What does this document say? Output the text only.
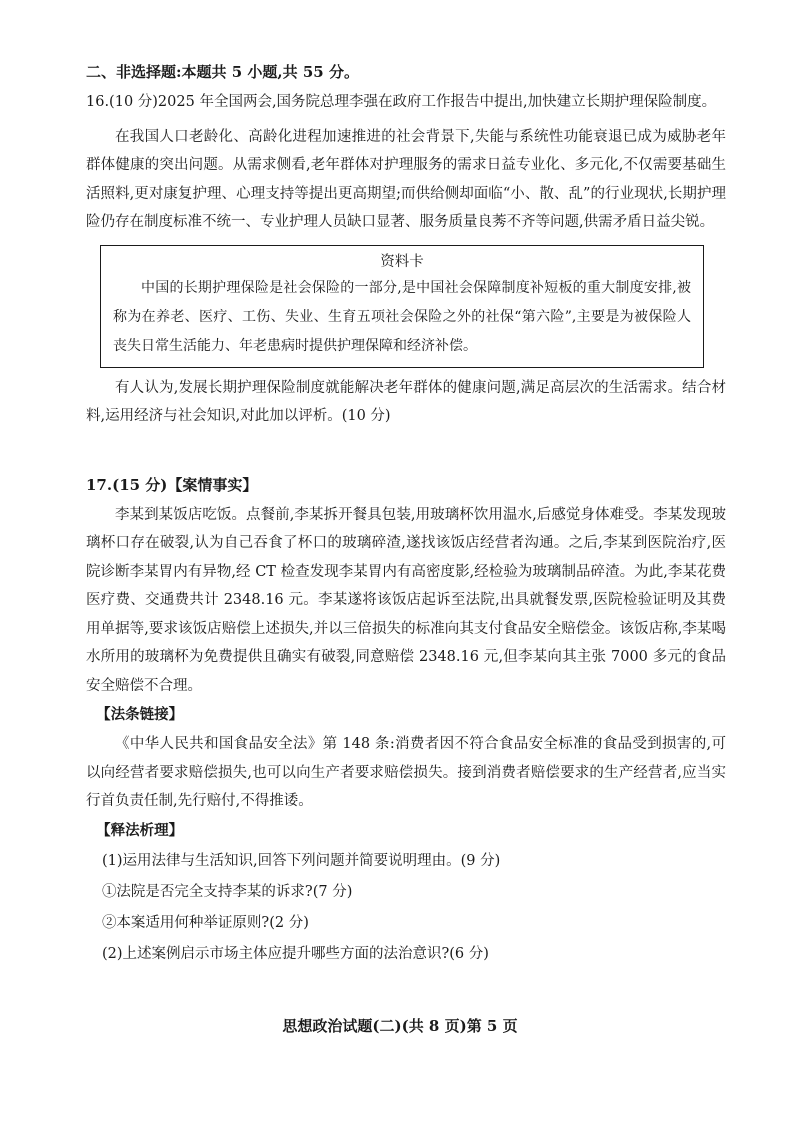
二、非选择题:本题共 5 小题,共 55 分。

16.(10 分)2025 年全国两会,国务院总理李强在政府工作报告中提出,加快建立长期护理保险制度。

在我国人口老龄化、高龄化进程加速推进的社会背景下,失能与系统性功能衰退已成为威胁老年群体健康的突出问题。从需求侧看,老年群体对护理服务的需求日益专业化、多元化,不仅需要基础生活照料,更对康复护理、心理支持等提出更高期望;而供给侧却面临“小、散、乱”的行业现状,长期护理险仍存在制度标准不统一、专业护理人员缺口显著、服务质量良莠不齐等问题,供需矛盾日益尖锐。

资料卡
中国的长期护理保险是社会保险的一部分,是中国社会保障制度补短板的重大制度安排,被称为在养老、医疗、工伤、失业、生育五项社会保险之外的社保“第六险”,主要是为被保险人丧失日常生活能力、年老患病时提供护理保障和经济补偿。

有人认为,发展长期护理保险制度就能解决老年群体的健康问题,满足高层次的生活需求。结合材料,运用经济与社会知识,对此加以评析。(10 分)

17.(15 分)【案情事实】

李某到某饭店吃饭。点餐前,李某拆开餐具包装,用玻璃杯饮用温水,后感觉身体难受。李某发现玻璃杯口存在破裂,认为自己吞食了杯口的玻璃碎渣,遂找该饭店经营者沟通。之后,李某到医院治疗,医院诊断李某胃内有异物,经 CT 检查发现李某胃内有高密度影,经检验为玻璃制品碎渣。为此,李某花费医疗费、交通费共计 2348.16 元。李某遂将该饭店起诉至法院,出具就餐发票,医院检验证明及其费用单据等,要求该饭店赔偿上述损失,并以三倍损失的标准向其支付食品安全赔偿金。该饭店称,李某喝水所用的玻璃杯为免费提供且确实有破裂,同意赔偿 2348.16 元,但李某向其主张 7000 多元的食品安全赔偿不合理。

【法条链接】

《中华人民共和国食品安全法》第 148 条:消费者因不符合食品安全标准的食品受到损害的,可以向经营者要求赔偿损失,也可以向生产者要求赔偿损失。接到消费者赔偿要求的生产经营者,应当实行首负责任制,先行赔付,不得推诿。

【释法析理】
(1)运用法律与生活知识,回答下列问题并简要说明理由。(9 分)
①法院是否完全支持李某的诉求?(7 分)
②本案适用何种举证原则?(2 分)
(2)上述案例启示市场主体应提升哪些方面的法治意识?(6 分)
思想政治试题(二)(共 8 页)第 5 页
